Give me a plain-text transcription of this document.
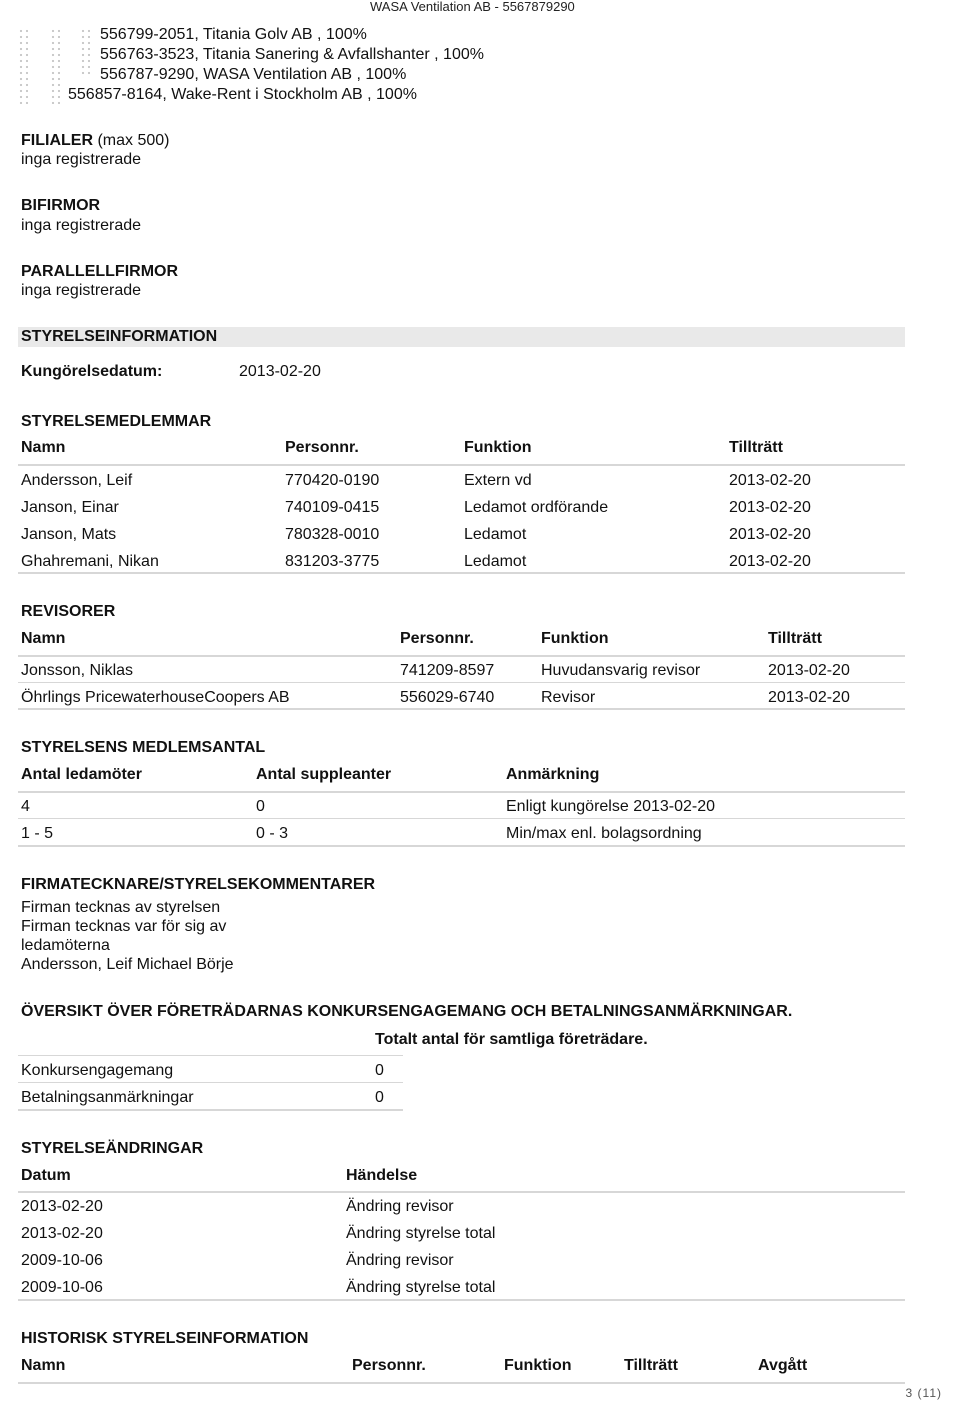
WASA Ventilation AB - 5567879290
556799-2051, Titania Golv AB , 100%
556763-3523, Titania Sanering & Avfallshanter , 100%
556787-9290, WASA Ventilation AB , 100%
556857-8164, Wake-Rent i Stockholm AB , 100%
FILIALER (max 500)
inga registrerade
BIFIRMOR
inga registrerade
PARALLELLFIRMOR
inga registrerade
STYRELSEINFORMATION
Kungörelsedatum:	2013-02-20
STYRELSEMEDLEMMAR
Namn	Personnr.	Funktion	Tillträtt
Andersson, Leif	770420-0190	Extern vd	2013-02-20
Janson, Einar	740109-0415	Ledamot ordförande	2013-02-20
Janson, Mats	780328-0010	Ledamot	2013-02-20
Ghahremani, Nikan	831203-3775	Ledamot	2013-02-20
REVISORER
Namn	Personnr.	Funktion	Tillträtt
Jonsson, Niklas	741209-8597	Huvudansvarig revisor	2013-02-20
Öhrlings PricewaterhouseCoopers AB	556029-6740	Revisor	2013-02-20
STYRELSENS MEDLEMSANTAL
Antal ledamöter	Antal suppleanter	Anmärkning
4	0	Enligt kungörelse 2013-02-20
1 - 5	0 - 3	Min/max enl. bolagsordning
FIRMATECKNARE/STYRELSEKOMMENTARER
Firman tecknas av styrelsen
Firman tecknas var för sig av
ledamöterna
Andersson, Leif Michael Börje
ÖVERSIKT ÖVER FÖRETRÄDARNAS KONKURSENGAGEMANG OCH BETALNINGSANMÄRKNINGAR.
Totalt antal för samtliga företrädare.
Konkursengagemang	0
Betalningsanmärkningar	0
STYRELSEÄNDRINGAR
Datum	Händelse
2013-02-20	Ändring revisor
2013-02-20	Ändring styrelse total
2009-10-06	Ändring revisor
2009-10-06	Ändring styrelse total
HISTORISK STYRELSEINFORMATION
Namn	Personnr.	Funktion	Tillträtt	Avgått
3 (11)
